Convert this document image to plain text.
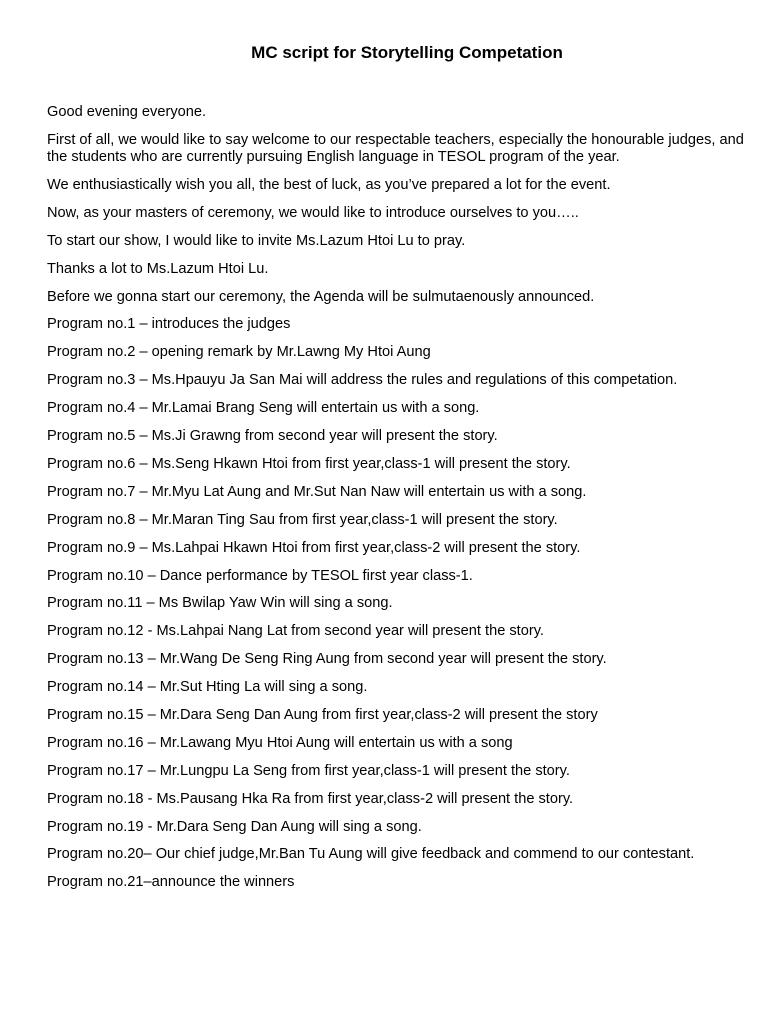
MC script for Storytelling Competation

Good evening everyone.

First of all, we would like to say welcome to our respectable teachers, especially the honourable judges, and the students who are currently pursuing English language in TESOL program of the year.

We enthusiastically wish you all, the best of luck, as you’ve prepared a lot for the event.

Now, as your masters of ceremony, we would like to introduce ourselves to you…..

To start our show, I would like to invite Ms.Lazum Htoi Lu to pray.

Thanks a lot to Ms.Lazum Htoi Lu.

Before we gonna start our ceremony, the Agenda will be sulmutaenously announced.

Program no.1 – introduces the judges
Program no.2 – opening remark by Mr.Lawng My Htoi Aung
Program no.3 – Ms.Hpauyu Ja San Mai will address the rules and regulations of this competation.
Program no.4 – Mr.Lamai Brang Seng will entertain us with a song.
Program no.5 – Ms.Ji Grawng from second year will present the story.
Program no.6 – Ms.Seng Hkawn Htoi from first year,class-1 will present the story.
Program no.7 – Mr.Myu Lat Aung and Mr.Sut Nan Naw will entertain us with a song.
Program no.8 – Mr.Maran Ting Sau from first year,class-1 will present the story.
Program no.9 – Ms.Lahpai Hkawn Htoi from first year,class-2 will present the story.
Program no.10 – Dance performance by TESOL first year class-1.
Program no.11 – Ms Bwilap Yaw Win will sing a song.
Program no.12 - Ms.Lahpai Nang Lat from second year will present the story.
Program no.13 – Mr.Wang De Seng Ring Aung from second year will present the story.
Program no.14 – Mr.Sut Hting La will sing a song.
Program no.15 – Mr.Dara Seng Dan Aung from first year,class-2 will present the story
Program no.16 – Mr.Lawang Myu Htoi Aung will entertain us with a song
Program no.17 – Mr.Lungpu La Seng from first year,class-1 will present the story.
Program no.18 - Ms.Pausang Hka Ra from first year,class-2 will present the story.
Program no.19 - Mr.Dara Seng Dan Aung will sing a song.
Program no.20– Our chief judge,Mr.Ban Tu Aung will give feedback and commend to our contestant.
Program no.21–announce the winners
